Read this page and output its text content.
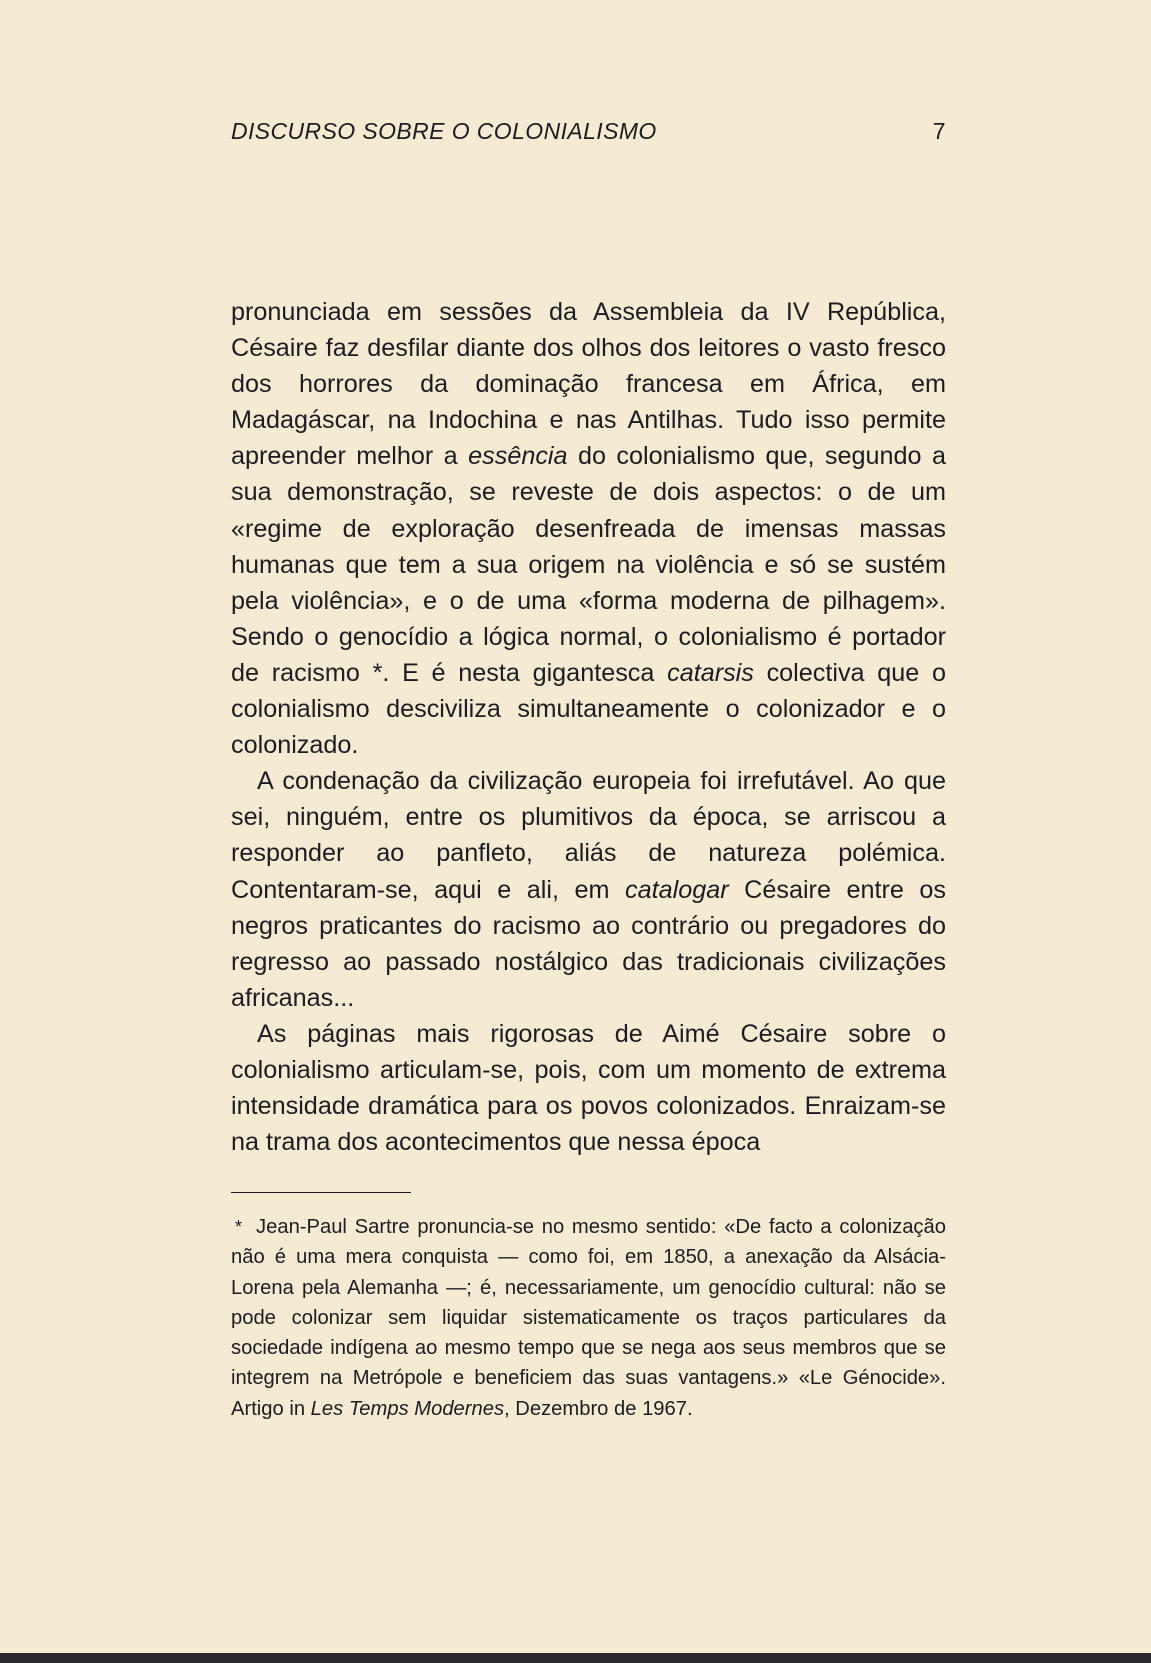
DISCURSO SOBRE O COLONIALISMO	7

pronunciada em sessões da Assembleia da IV República, Césaire faz desfilar diante dos olhos dos leitores o vasto fresco dos horrores da dominação francesa em África, em Madagáscar, na Indochina e nas Antilhas. Tudo isso permite apreender melhor a essência do colonialismo que, segundo a sua demonstração, se reveste de dois aspectos: o de um «regime de exploração desenfreada de imensas massas humanas que tem a sua origem na violência e só se sustém pela violência», e o de uma «forma moderna de pilhagem». Sendo o genocídio a lógica normal, o colonialismo é portador de racismo *. E é nesta gigantesca catarsis colectiva que o colonialismo desciviliza simultaneamente o colonizador e o colonizado.

A condenação da civilização europeia foi irrefutável. Ao que sei, ninguém, entre os plumitivos da época, se arriscou a responder ao panfleto, aliás de natureza polémica. Contentaram-se, aqui e ali, em catalogar Césaire entre os negros praticantes do racismo ao contrário ou pregadores do regresso ao passado nostálgico das tradicionais civilizações africanas...

As páginas mais rigorosas de Aimé Césaire sobre o colonialismo articulam-se, pois, com um momento de extrema intensidade dramática para os povos colonizados. Enraizam-se na trama dos acontecimentos que nessa época

* Jean-Paul Sartre pronuncia-se no mesmo sentido: «De facto a colonização não é uma mera conquista — como foi, em 1850, a anexação da Alsácia-Lorena pela Alemanha —; é, necessariamente, um genocídio cultural: não se pode colonizar sem liquidar sistematicamente os traços particulares da sociedade indígena ao mesmo tempo que se nega aos seus membros que se integrem na Metrópole e beneficiem das suas vantagens.» «Le Génocide». Artigo in Les Temps Modernes, Dezembro de 1967.
